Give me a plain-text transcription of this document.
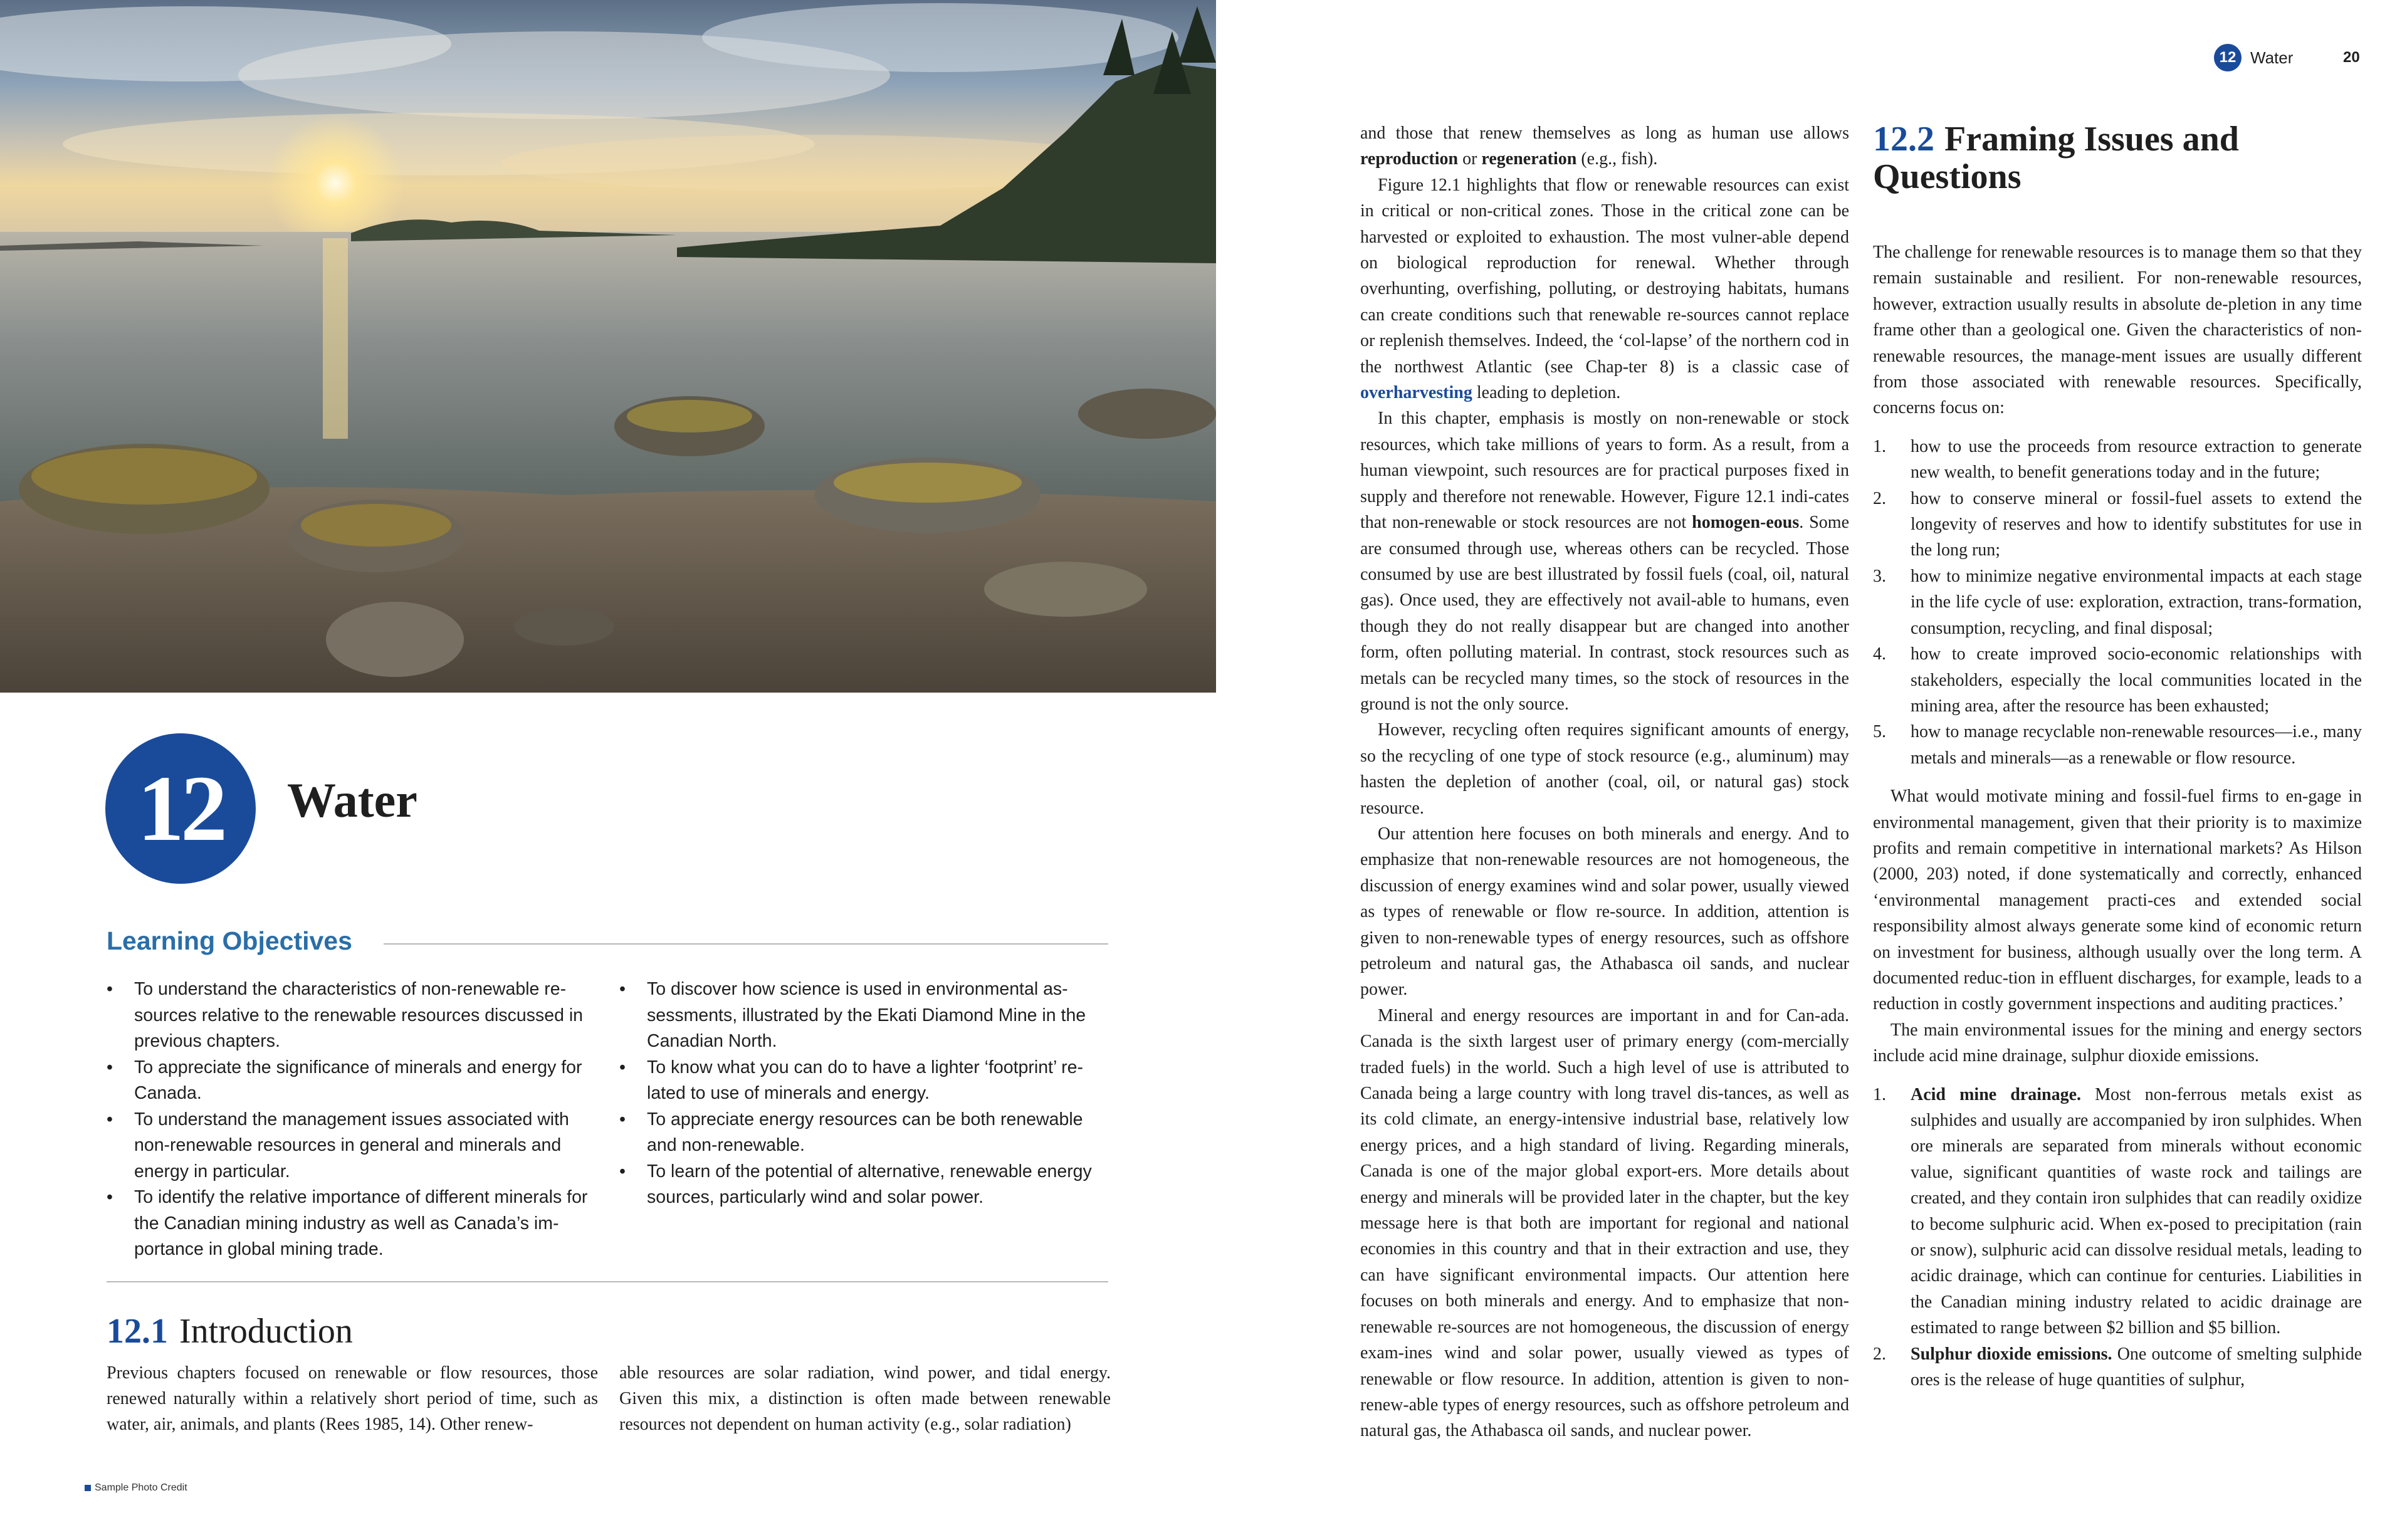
12 Water
Learning Objectives
• To understand the characteristics of non-renewable re-sources relative to the renewable resources discussed in previous chapters.
• To appreciate the significance of minerals and energy for Canada.
• To understand the management issues associated with non-renewable resources in general and minerals and energy in particular.
• To identify the relative importance of different minerals for the Canadian mining industry as well as Canada’s im-portance in global mining trade.
• To discover how science is used in environmental as-sessments, illustrated by the Ekati Diamond Mine in the Canadian North.
• To know what you can do to have a lighter ‘footprint’ re-lated to use of minerals and energy.
• To appreciate energy resources can be both renewable and non-renewable.
• To learn of the potential of alternative, renewable energy sources, particularly wind and solar power.
12.1 Introduction
Previous chapters focused on renewable or flow resources, those renewed naturally within a relatively short period of time, such as water, air, animals, and plants (Rees 1985, 14). Other renew-
able resources are solar radiation, wind power, and tidal energy. Given this mix, a distinction is often made between renewable resources not dependent on human activity (e.g., solar radiation)
Sample Photo Credit
12 Water	20

and those that renew themselves as long as human use allows reproduction or regeneration (e.g., fish).

Figure 12.1 highlights that flow or renewable resources can exist in critical or non-critical zones. Those in the critical zone can be harvested or exploited to exhaustion. The most vulner-able depend on biological reproduction for renewal. Whether through overhunting, overfishing, polluting, or destroying habitats, humans can create conditions such that renewable re-sources cannot replace or replenish themselves. Indeed, the ‘col-lapse’ of the northern cod in the northwest Atlantic (see Chap-ter 8) is a classic case of overharvesting leading to depletion.

In this chapter, emphasis is mostly on non-renewable or stock resources, which take millions of years to form. As a result, from a human viewpoint, such resources are for practical purposes fixed in supply and therefore not renewable. However, Figure 12.1 indi-cates that non-renewable or stock resources are not homogen-eous. Some are consumed through use, whereas others can be recycled. Those consumed by use are best illustrated by fossil fuels (coal, oil, natural gas). Once used, they are effectively not avail-able to humans, even though they do not really disappear but are changed into another form, often polluting material. In contrast, stock resources such as metals can be recycled many times, so the stock of resources in the ground is not the only source.

However, recycling often requires significant amounts of energy, so the recycling of one type of stock resource (e.g., aluminum) may hasten the depletion of another (coal, oil, or natural gas) stock resource.

Our attention here focuses on both minerals and energy. And to emphasize that non-renewable resources are not homogeneous, the discussion of energy examines wind and solar power, usually viewed as types of renewable or flow re-source. In addition, attention is given to non-renewable types of energy resources, such as offshore petroleum and natural gas, the Athabasca oil sands, and nuclear power.

Mineral and energy resources are important in and for Can-ada. Canada is the sixth largest user of primary energy (com-mercially traded fuels) in the world. Such a high level of use is attributed to Canada being a large country with long travel dis-tances, as well as its cold climate, an energy-intensive industrial base, relatively low energy prices, and a high standard of living. Regarding minerals, Canada is one of the major global export-ers. More details about energy and minerals will be provided later in the chapter, but the key message here is that both are important for regional and national economies in this country and that in their extraction and use, they can have significant environmental impacts. Our attention here focuses on both minerals and energy. And to emphasize that non-renewable re-sources are not homogeneous, the discussion of energy exam-ines wind and solar power, usually viewed as types of renewable or flow resource. In addition, attention is given to non-renew-able types of energy resources, such as offshore petroleum and natural gas, the Athabasca oil sands, and nuclear power.

12.2 Framing Issues and Questions

The challenge for renewable resources is to manage them so that they remain sustainable and resilient. For non-renewable resources, however, extraction usually results in absolute de-pletion in any time frame other than a geological one. Given the characteristics of non-renewable resources, the manage-ment issues are usually different from those associated with renewable resources. Specifically, concerns focus on:

1. how to use the proceeds from resource extraction to generate new wealth, to benefit generations today and in the future;
2. how to conserve mineral or fossil-fuel assets to extend the longevity of reserves and how to identify substitutes for use in the long run;
3. how to minimize negative environmental impacts at each stage in the life cycle of use: exploration, extraction, trans-formation, consumption, recycling, and final disposal;
4. how to create improved socio-economic relationships with stakeholders, especially the local communities located in the mining area, after the resource has been exhausted;
5. how to manage recyclable non-renewable resources—i.e., many metals and minerals—as a renewable or flow resource.

What would motivate mining and fossil-fuel firms to en-gage in environmental management, given that their priority is to maximize profits and remain competitive in international markets? As Hilson (2000, 203) noted, if done systematically and correctly, enhanced ‘environmental management practi-ces and extended social responsibility almost always generate some kind of economic return on investment for business, although usually over the long term. A documented reduc-tion in effluent discharges, for example, leads to a reduction in costly government inspections and auditing practices.’

The main environmental issues for the mining and energy sectors include acid mine drainage, sulphur dioxide emissions.

1. Acid mine drainage. Most non-ferrous metals exist as sulphides and usually are accompanied by iron sulphides. When ore minerals are separated from minerals without economic value, significant quantities of waste rock and tailings are created, and they contain iron sulphides that can readily oxidize to become sulphuric acid. When ex-posed to precipitation (rain or snow), sulphuric acid can dissolve residual metals, leading to acidic drainage, which can continue for centuries. Liabilities in the Canadian mining industry related to acidic drainage are estimated to range between $2 billion and $5 billion.
2. Sulphur dioxide emissions. One outcome of smelting sulphide ores is the release of huge quantities of sulphur,
